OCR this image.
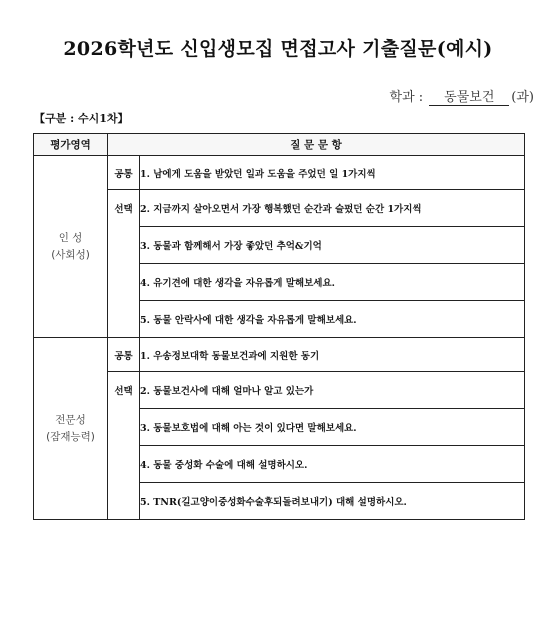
2026학년도 신입생모집 면접고사 기출질문(예시)
학과 : 동물보건 (과)
【구분 : 수시1차】
평가영역	질 문 문 항	

인 성
(사회성)	공통	1. 남에게 도움을 받았던 일과 도움을 주었던 일 1가지씩
	선택	2. 지금까지 살아오면서 가장 행복했던 순간과 슬펐던 순간 1가지씩
		3. 동물과 함께해서 가장 좋았던 추억&기억
		4. 유기견에 대한 생각을 자유롭게 말해보세요.
		5. 동물 안락사에 대한 생각을 자유롭게 말해보세요.

전문성
(잠재능력)	공통	1. 우송정보대학 동물보건과에 지원한 동기
	선택	2. 동물보건사에 대해 얼마나 알고 있는가
		3. 동물보호법에 대해 아는 것이 있다면 말해보세요.
		4. 동물 중성화 수술에 대해 설명하시오.
		5. TNR(길고양이중성화수술후되돌려보내기) 대해 설명하시오.
